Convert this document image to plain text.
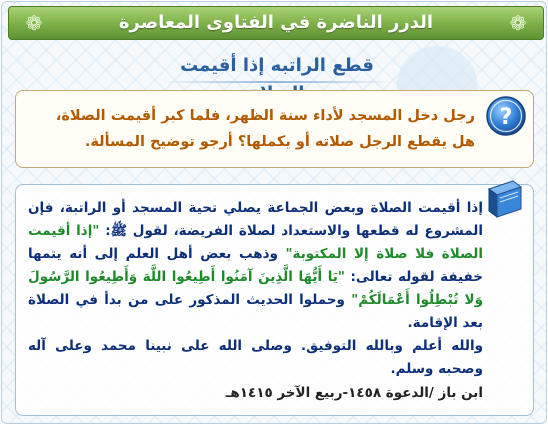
❁	الدرر الناضرة في الفتاوى المعاصرة	❁
قطع الراتبه إذا أقيمت
?
رجل دخل المسجد لأداء سنة الظهر، فلما كبر أقيمت الصلاة، هل يقطع الرجل صلاته أو يكملها؟ أرجو توضيح المسألة.

إذا أقيمت الصلاة وبعض الجماعة يصلي تحية المسجد أو الراتبة، فإن المشروع له قطعها والاستعداد لصلاة الفريضة، لقول ﷺ: "إذا أقيمت الصلاة فلا صلاة إلا المكتوبة" وذهب بعض أهل العلم إلى أنه يتمها خفيفة لقوله تعالى: "يَا أَيُّهَا الَّذِينَ آمَنُوا أَطِيعُوا اللَّهَ وَأَطِيعُوا الرَّسُولَ وَلا تُبْطِلُوا أَعْمَالَكُمْ" وحملوا الحديث المذكور على من بدأ في الصلاة بعد الإقامة.

والله أعلم وبالله التوفيق. وصلى الله على نبينا محمد وعلى آله وصحبه وسلم.

ابن باز /الدعوة ١٤٥٨-ربيع الآخر ١٤١٥هـ
